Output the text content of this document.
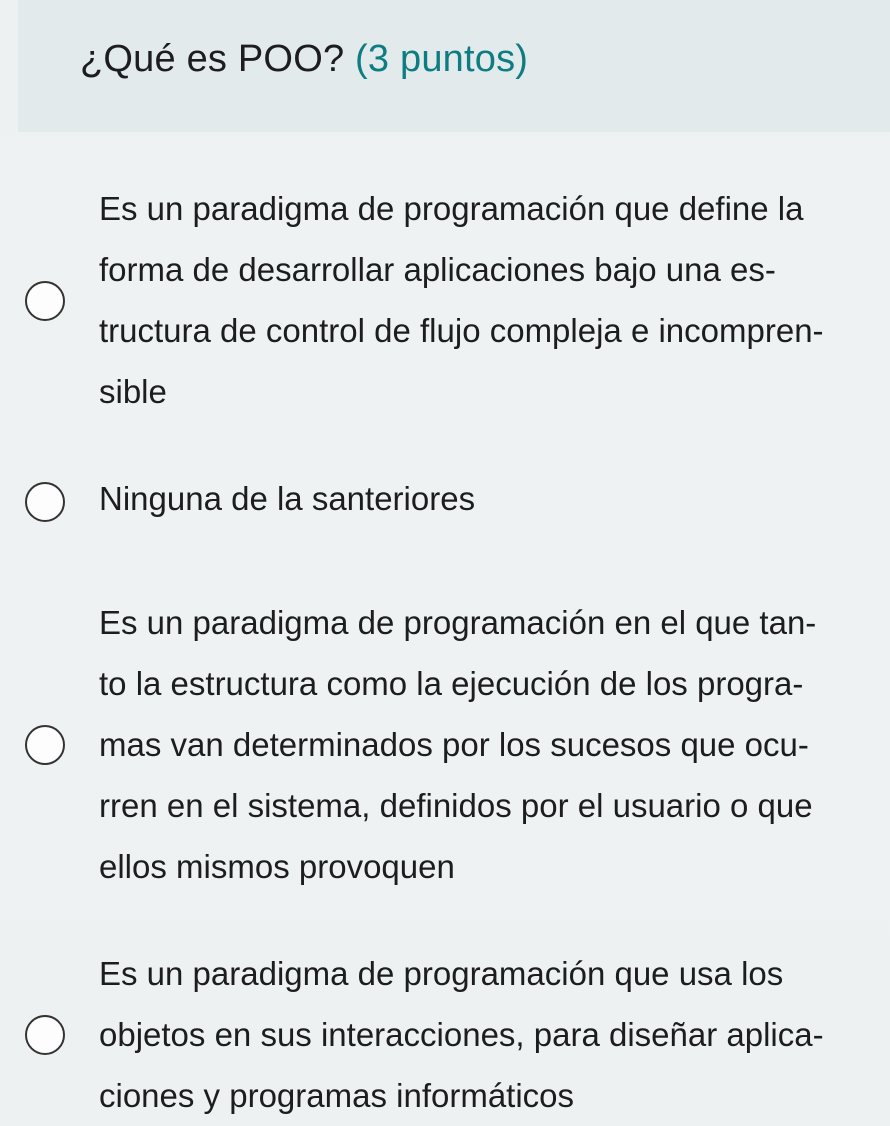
¿Qué es POO? (3 puntos)
Es un paradigma de programación que define la
forma de desarrollar aplicaciones bajo una es-
tructura de control de flujo compleja e incompren-
sible
Ninguna de la santeriores
Es un paradigma de programación en el que tan-
to la estructura como la ejecución de los progra-
mas van determinados por los sucesos que ocu-
rren en el sistema, definidos por el usuario o que
ellos mismos provoquen
Es un paradigma de programación que usa los
objetos en sus interacciones, para diseñar aplica-
ciones y programas informáticos
